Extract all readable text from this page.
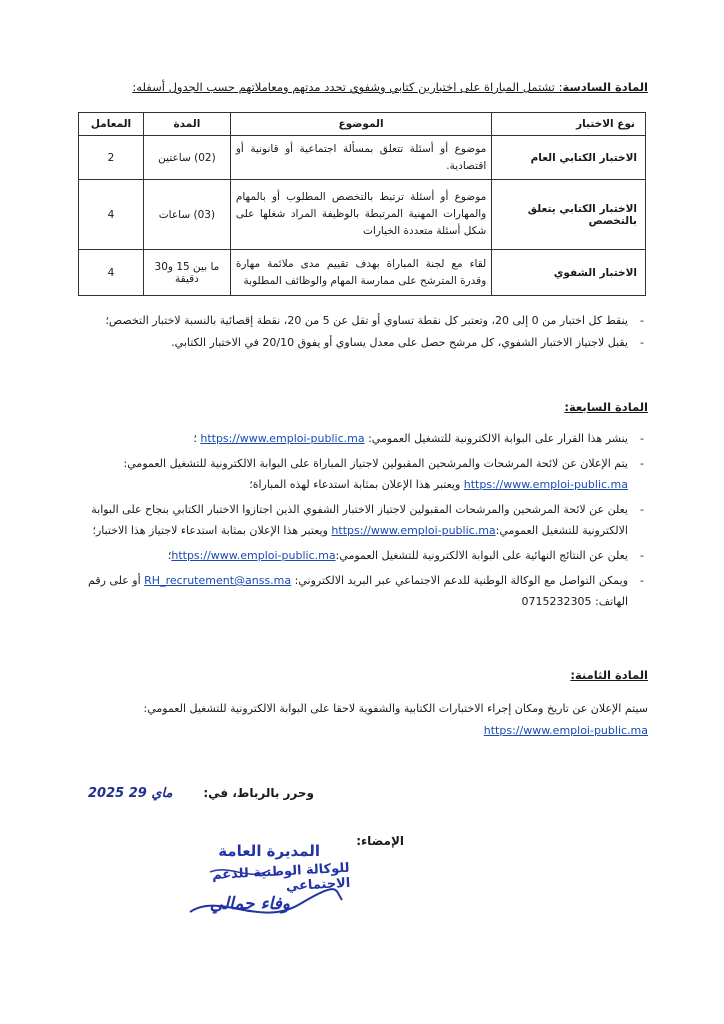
المادة السادسة: تشتمل المباراة على اختبارين كتابي وشفوي تحدد مدتهم ومعاملاتهم حسب الجدول أسفله:
نوع الاختبار	الموضوع	المدة	المعامل
الاختبار الكتابي العام	موضوع أو أسئلة تتعلق بمسألة اجتماعية أو قانونية أو اقتصادية.	(02) ساعتين	2
الاختبار الكتابي يتعلق بالتخصص	موضوع أو أسئلة ترتبط بالتخصص المطلوب أو بالمهام والمهارات المهنية المرتبطة بالوظيفة المراد شغلها على شكل أسئلة متعددة الخيارات	(03) ساعات	4
الاختبار الشفوي	لقاء مع لجنة المباراة بهدف تقييم مدى ملائمة مهارة وقدرة المترشح على ممارسة المهام والوظائف المطلوبة	ما بين 15 و30 دقيقة	4
- ينقط كل اختبار من 0 إلى 20، وتعتبر كل نقطة تساوي أو تقل عن 5 من 20، نقطة إقصائية بالنسبة لاختبار التخصص؛
- يقبل لاجتياز الاختبار الشفوي، كل مرشح حصل على معدل يساوي أو يفوق 20/10 في الاختبار الكتابي.
المادة السابعة:
- ينشر هذا القرار على البوابة الالكترونية للتشغيل العمومي: https://www.emploi-public.ma ؛
- يتم الإعلان عن لائحة المرشحات والمرشحين المقبولين لاجتياز المباراة على البوابة الالكترونية للتشغيل العمومي: https://www.emploi-public.ma ويعتبر هذا الإعلان بمثابة استدعاء لهذه المباراة؛
- يعلن عن لائحة المرشحين والمرشحات المقبولين لاجتياز الاختبار الشفوي الذين اجتازوا الاختبار الكتابي بنجاح على البوابة الالكترونية للتشغيل العمومي:https://www.emploi-public.ma ويعتبر هذا الإعلان بمثابة استدعاء لاجتياز هذا الاختبار؛
- يعلن عن النتائج النهائية على البوابة الالكترونية للتشغيل العمومي:https://www.emploi-public.ma؛
- ويمكن التواصل مع الوكالة الوطنية للدعم الاجتماعي عبر البريد الالكتروني: RH_recrutement@anss.ma أو على رقم الهاتف: 0715232305
المادة الثامنة:
سيتم الإعلان عن تاريخ ومكان إجراء الاختبارات الكتابية والشفوية لاحقا على البوابة الالكترونية للتشغيل العمومي: https://www.emploi-public.ma
وحرر بالرباط، في:
2025 ماي 29
الإمضاء:
المديرة العامة
للوكالة الوطنية للدعم الاجتماعي
وفاء جمالي
